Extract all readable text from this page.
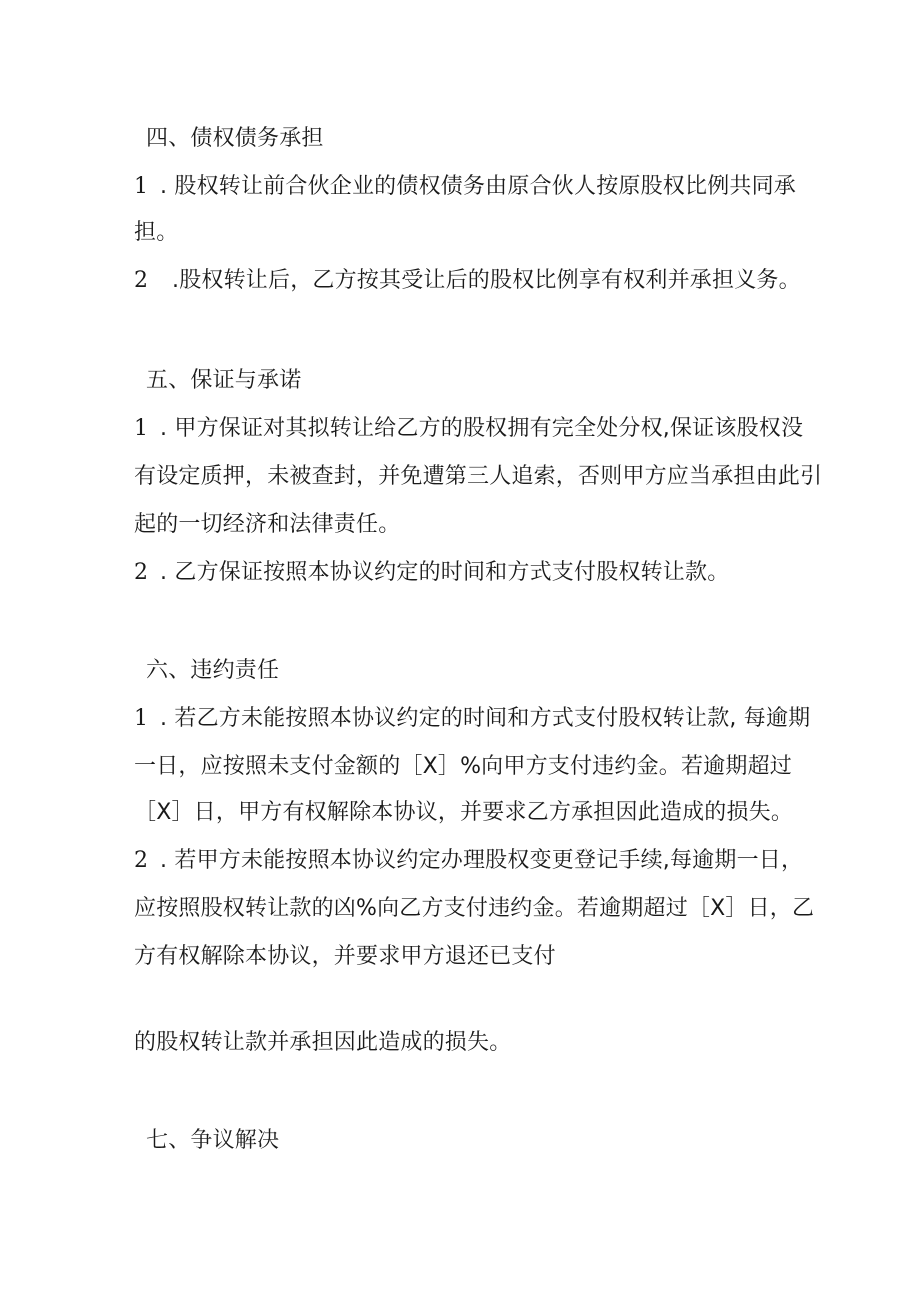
四、债权债务承担
1 . 股权转让前合伙企业的债权债务由原合伙人按原股权比例共同承
担。
2 .股权转让后，乙方按其受让后的股权比例享有权利并承担义务。
五、保证与承诺
1 . 甲方保证对其拟转让给乙方的股权拥有完全处分权,保证该股权没
有设定质押，未被查封，并免遭第三人追索，否则甲方应当承担由此引
起的一切经济和法律责任。
2 . 乙方保证按照本协议约定的时间和方式支付股权转让款。
六、违约责任
1 . 若乙方未能按照本协议约定的时间和方式支付股权转让款, 每逾期
一日，应按照未支付金额的［X］%向甲方支付违约金。若逾期超过
［X］日，甲方有权解除本协议，并要求乙方承担因此造成的损失。
2 . 若甲方未能按照本协议约定办理股权变更登记手续,每逾期一日，
应按照股权转让款的凶%向乙方支付违约金。若逾期超过［X］日，乙
方有权解除本协议，并要求甲方退还已支付
的股权转让款并承担因此造成的损失。
七、争议解决
